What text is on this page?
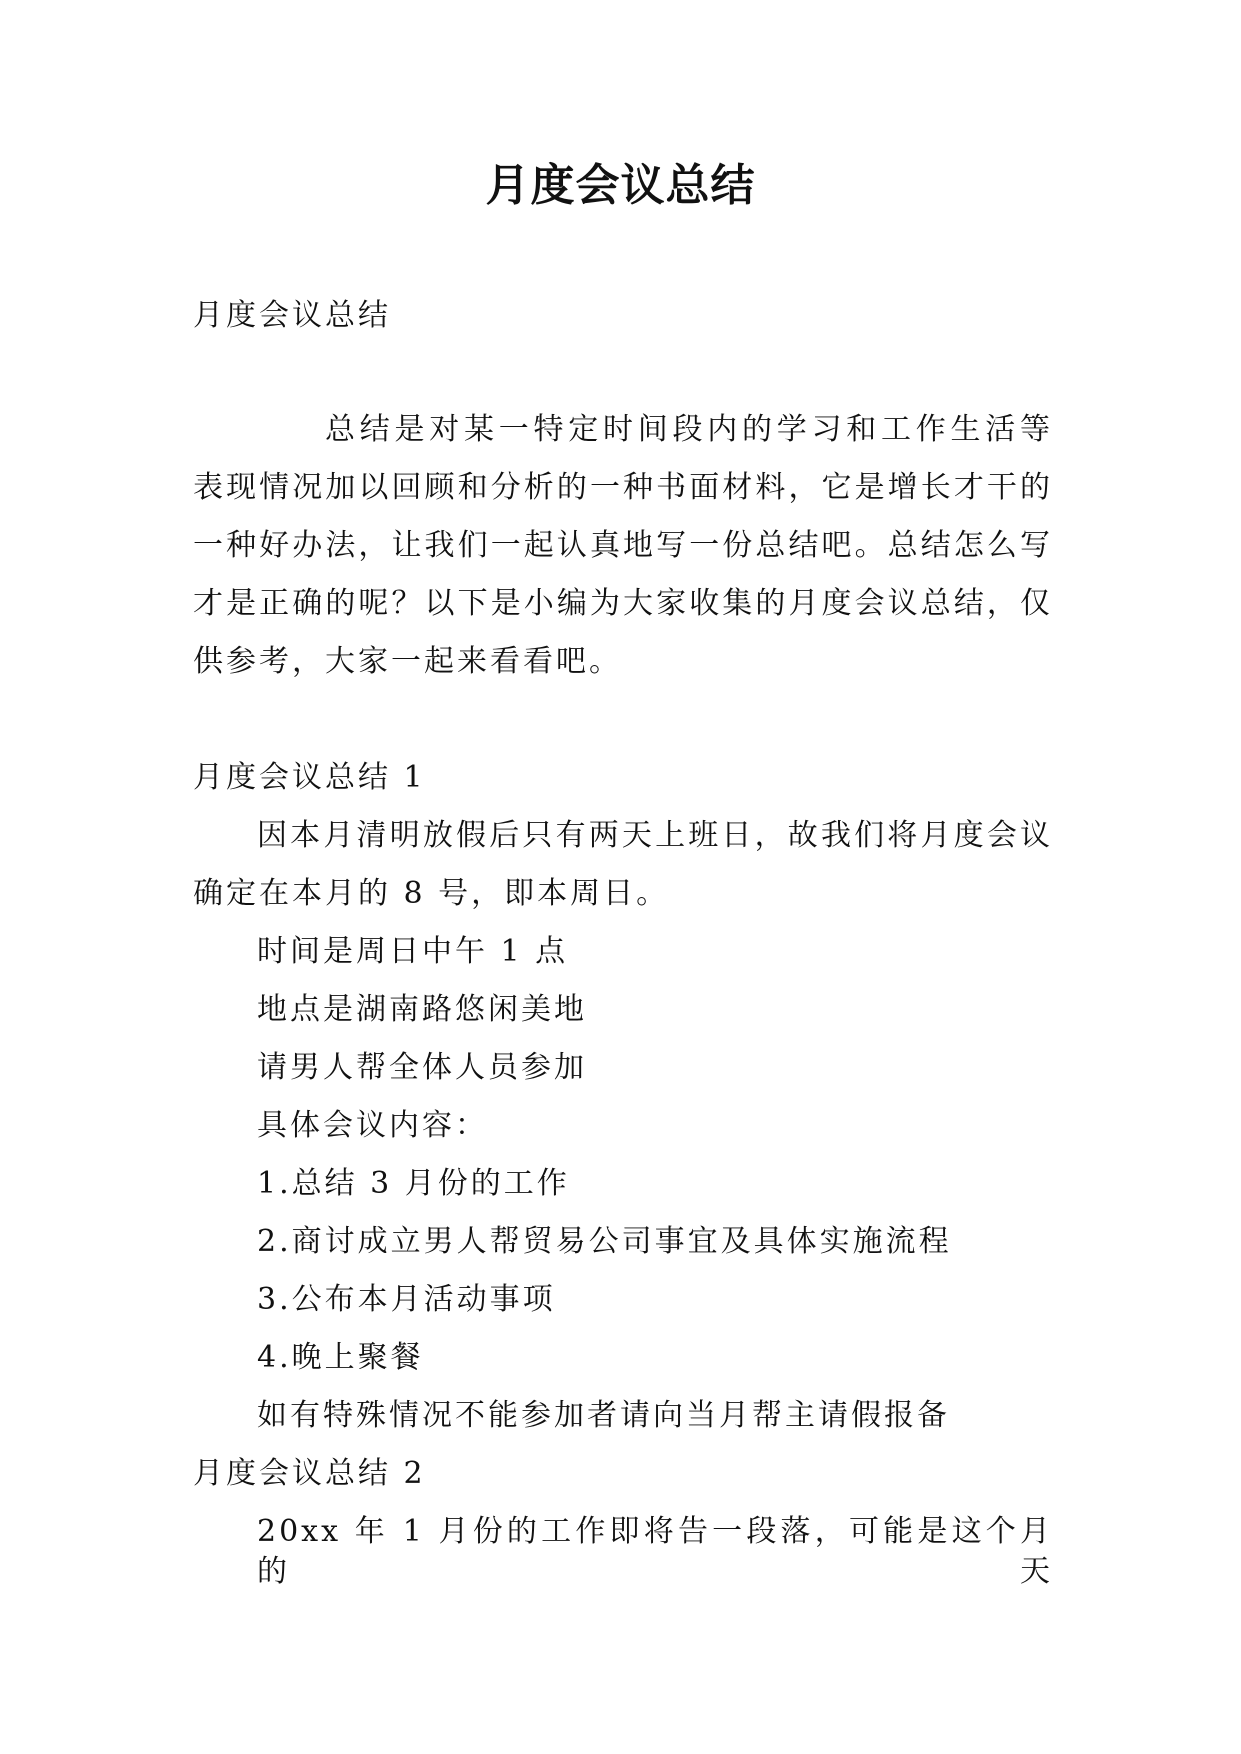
月度会议总结
月度会议总结
总结是对某一特定时间段内的学习和工作生活等
表现情况加以回顾和分析的一种书面材料，它是增长才干的
一种好办法，让我们一起认真地写一份总结吧。总结怎么写
才是正确的呢？以下是小编为大家收集的月度会议总结，仅
供参考，大家一起来看看吧。
月度会议总结 1
因本月清明放假后只有两天上班日，故我们将月度会议
确定在本月的 8 号，即本周日。
时间是周日中午 1 点
地点是湖南路悠闲美地
请男人帮全体人员参加
具体会议内容：
1.总结 3 月份的工作
2.商讨成立男人帮贸易公司事宜及具体实施流程
3.公布本月活动事项
4.晚上聚餐
如有特殊情况不能参加者请向当月帮主请假报备
月度会议总结 2
20xx 年 1 月份的工作即将告一段落，可能是这个月的天
